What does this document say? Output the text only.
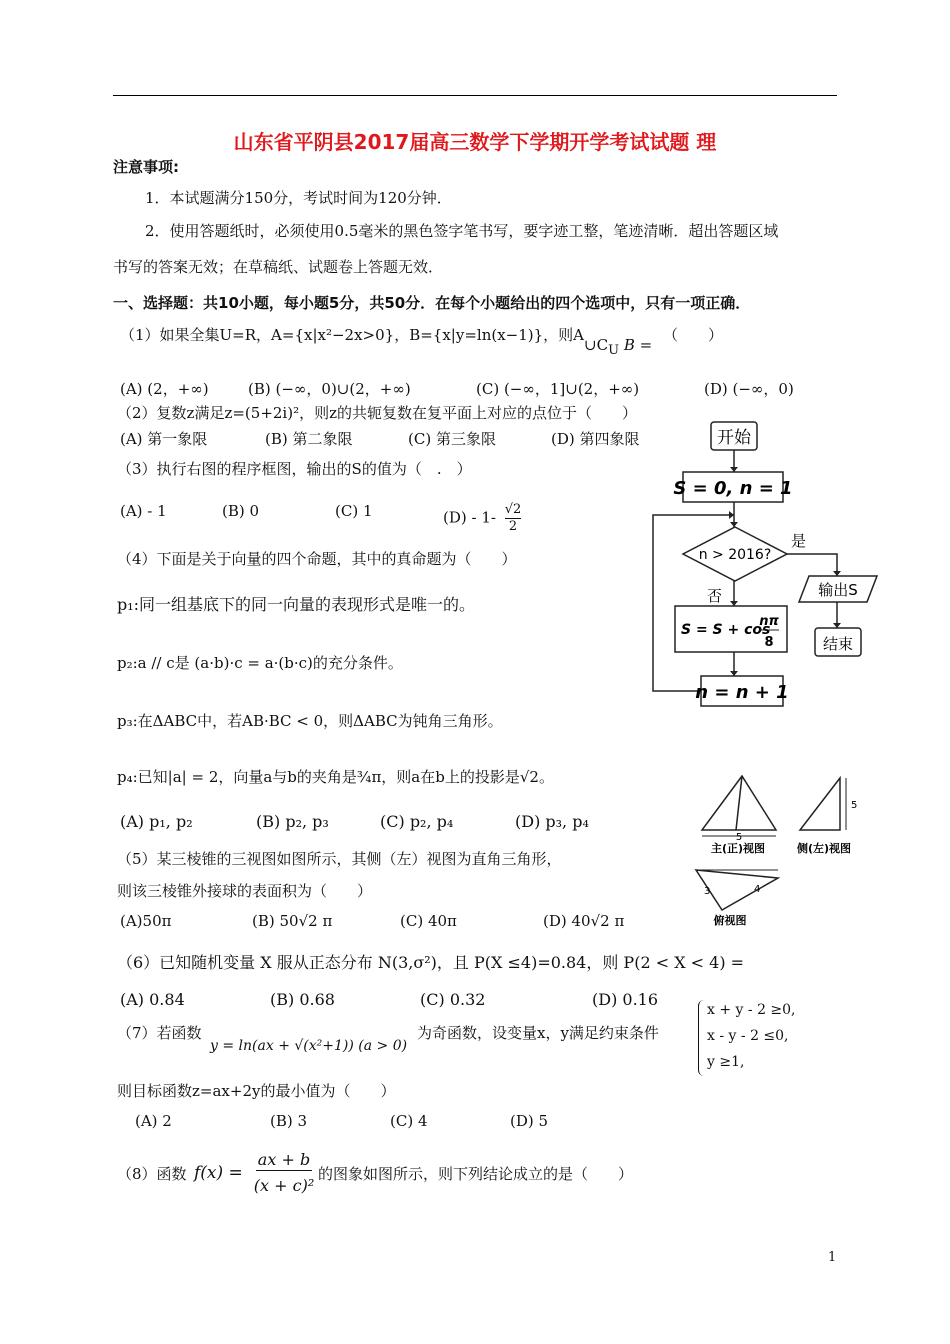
山东省平阴县2017届高三数学下学期开学考试试题 理
注意事项:
1．本试题满分150分，考试时间为120分钟．
2．使用答题纸时，必须使用0.5毫米的黑色签字笔书写，要字迹工整，笔迹清晰．超出答题区域
书写的答案无效；在草稿纸、试题卷上答题无效．
一、选择题：共10小题，每小题5分，共50分．在每个小题给出的四个选项中，只有一项正确．
（1）如果全集U=R，A={x|x²−2x>0}，B={x|y=ln(x−1)}，则$A\cup C_U$ B = （　　）
(A) (2，+∞)	(B) (−∞，0)∪(2，+∞)	(C) (−∞，1]∪(2，+∞)	(D) (−∞，0)
（2）复数z满足z=(5+2i)²，则z的共轭复数在复平面上对应的点位于（　　）
(A) 第一象限	(B) 第二象限	(C) 第三象限	(D) 第四象限
（3）执行右图的程序框图，输出的S的值为（　.　）
(A) - 1	(B) 0	(C) 1	$(D) - 1- \frac{√2}{2}$
开始
S = 0, n = 1
n > 2016?
是
否
S = S + cos
nπ
8
输出S
结束
n = n + 1
（4）下面是关于向量的四个命题，其中的真命题为（　　）
p₁:同一组基底下的同一向量的表现形式是唯一的。
p₂:a // c是 (a·b)·c = a·(b·c)的充分条件。
p₃:在ΔABC中，若AB·BC < 0，则ΔABC为钝角三角形。
p₄:已知|a| = 2，向量a与b的夹角是¾π，则a在b上的投影是√2。
(A) p₁, p₂	(B) p₂, p₃	(C) p₂, p₄	(D) p₃, p₄
5
5
3	4
主(正)视图	侧(左)视图
俯视图
（5）某三棱锥的三视图如图所示，其侧（左）视图为直角三角形，
则该三棱锥外接球的表面积为（　　）
(A)50π	(B) 50√2 π	(C) 40π	(D) 40√2 π
（6）已知随机变量 X 服从正态分布 N(3,σ²)，且 P(X ≤4)=0.84，则 P(2 < X < 4) =
(A) 0.84	(B) 0.68	(C) 0.32	(D) 0.16
（7）若函数
y = ln(ax + √(x²+1)) (a > 0)
为奇函数，设变量x，y满足约束条件
x + y - 2 ≥0,
x - y - 2 ≤0,
y ≥1,
则目标函数z=ax+2y的最小值为（　　）
(A) 2	(B) 3	(C) 4	(D) 5
（8）函数 f(x) =
ax + b
(x + c)²
的图象如图所示，则下列结论成立的是（　　）
1
